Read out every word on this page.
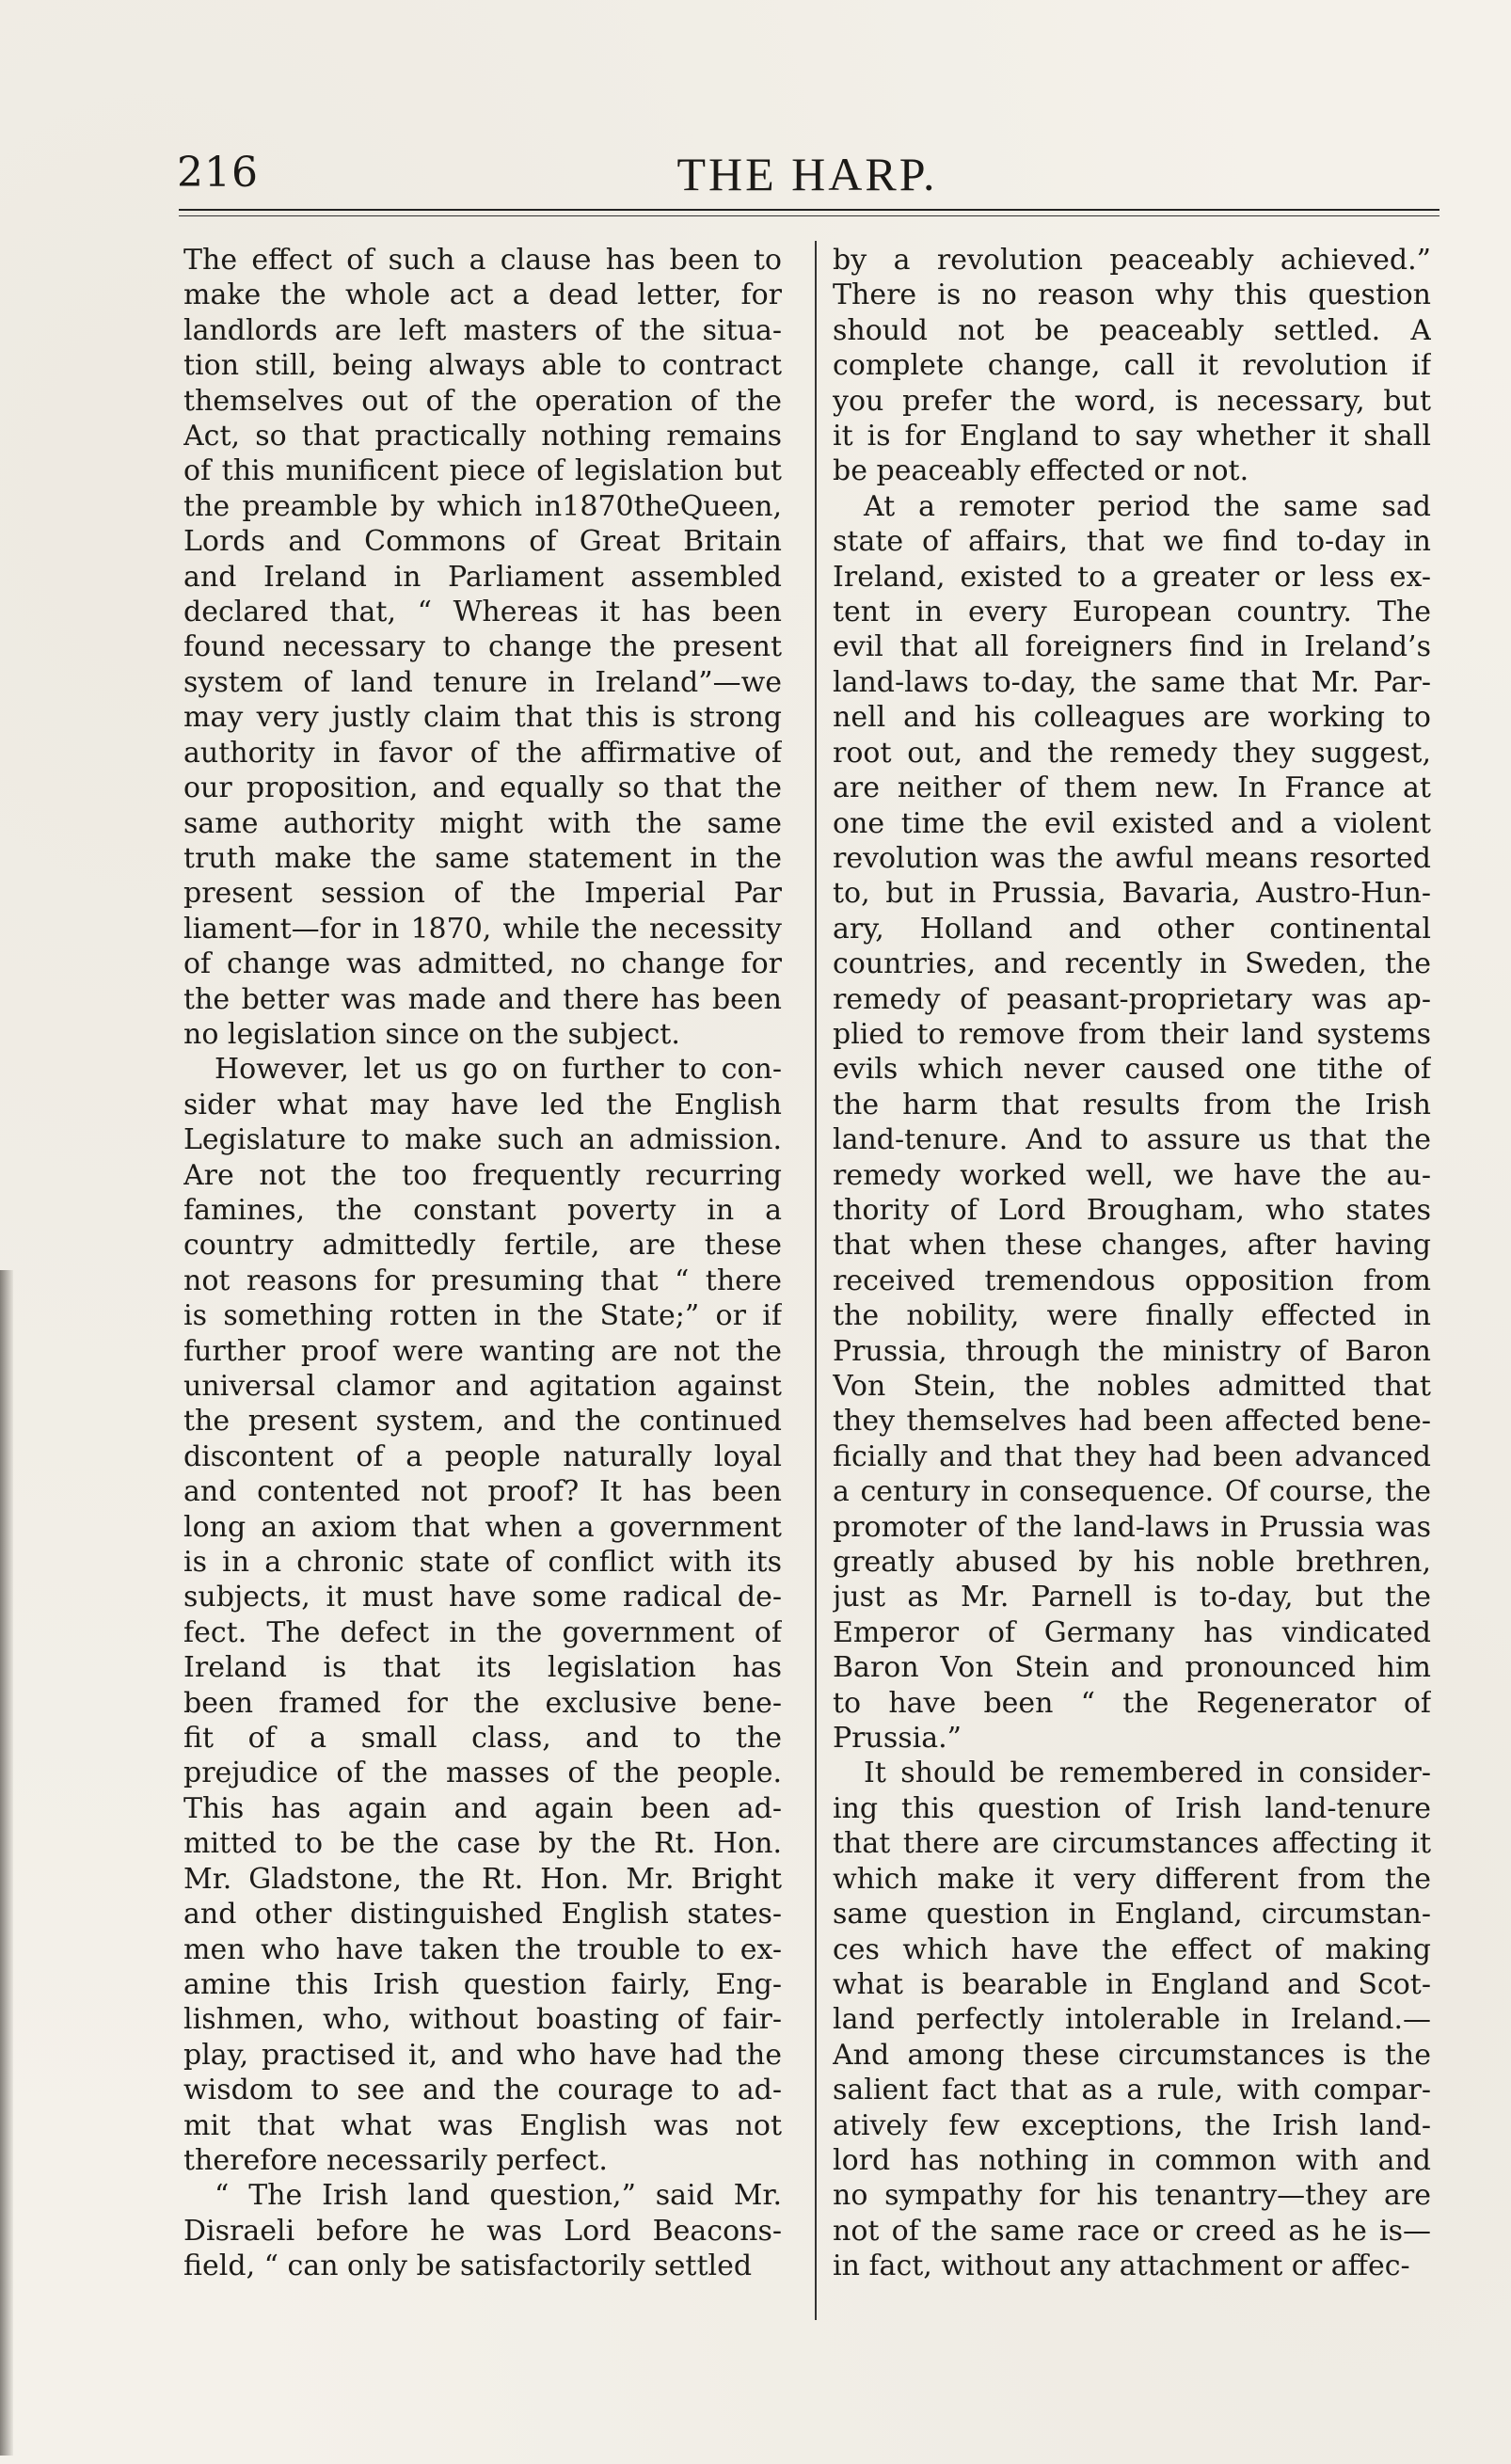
216	THE HARP.
The effect of such a clause has been to
make the whole act a dead letter, for
landlords are left masters of the situa-
tion still, being always able to contract
themselves out of the operation of the
Act, so that practically nothing remains
of this munificent piece of legislation but
the preamble by which in1870theQueen,
Lords and Commons of Great Britain
and Ireland in Parliament assembled
declared that, “ Whereas it has been
found necessary to change the present
system of land tenure in Ireland”—we
may very justly claim that this is strong
authority in favor of the affirmative of
our proposition, and equally so that the
same authority might with the same
truth make the same statement in the
present session of the Imperial Par
liament—for in 1870, while the necessity
of change was admitted, no change for
the better was made and there has been
no legislation since on the subject.
However, let us go on further to con-
sider what may have led the English
Legislature to make such an admission.
Are not the too frequently recurring
famines, the constant poverty in a
country admittedly fertile, are these
not reasons for presuming that “ there
is something rotten in the State;” or if
further proof were wanting are not the
universal clamor and agitation against
the present system, and the continued
discontent of a people naturally loyal
and contented not proof? It has been
long an axiom that when a government
is in a chronic state of conflict with its
subjects, it must have some radical de-
fect. The defect in the government of
Ireland is that its legislation has
been framed for the exclusive bene-
fit of a small class, and to the
prejudice of the masses of the people.
This has again and again been ad-
mitted to be the case by the Rt. Hon.
Mr. Gladstone, the Rt. Hon. Mr. Bright
and other distinguished English states-
men who have taken the trouble to ex-
amine this Irish question fairly, Eng-
lishmen, who, without boasting of fair-
play, practised it, and who have had the
wisdom to see and the courage to ad-
mit that what was English was not
therefore necessarily perfect.
“ The Irish land question,” said Mr.
Disraeli before he was Lord Beacons-
field, “ can only be satisfactorily settled
by a revolution peaceably achieved.”
There is no reason why this question
should not be peaceably settled. A
complete change, call it revolution if
you prefer the word, is necessary, but
it is for England to say whether it shall
be peaceably effected or not.
At a remoter period the same sad
state of affairs, that we find to-day in
Ireland, existed to a greater or less ex-
tent in every European country. The
evil that all foreigners find in Ireland’s
land-laws to-day, the same that Mr. Par-
nell and his colleagues are working to
root out, and the remedy they suggest,
are neither of them new. In France at
one time the evil existed and a violent
revolution was the awful means resorted
to, but in Prussia, Bavaria, Austro-Hun-
ary, Holland and other continental
countries, and recently in Sweden, the
remedy of peasant-proprietary was ap-
plied to remove from their land systems
evils which never caused one tithe of
the harm that results from the Irish
land-tenure. And to assure us that the
remedy worked well, we have the au-
thority of Lord Brougham, who states
that when these changes, after having
received tremendous opposition from
the nobility, were finally effected in
Prussia, through the ministry of Baron
Von Stein, the nobles admitted that
they themselves had been affected bene-
ficially and that they had been advanced
a century in consequence. Of course, the
promoter of the land-laws in Prussia was
greatly abused by his noble brethren,
just as Mr. Parnell is to-day, but the
Emperor of Germany has vindicated
Baron Von Stein and pronounced him
to have been “ the Regenerator of
Prussia.”
It should be remembered in consider-
ing this question of Irish land-tenure
that there are circumstances affecting it
which make it very different from the
same question in England, circumstan-
ces which have the effect of making
what is bearable in England and Scot-
land perfectly intolerable in Ireland.—
And among these circumstances is the
salient fact that as a rule, with compar-
atively few exceptions, the Irish land-
lord has nothing in common with and
no sympathy for his tenantry—they are
not of the same race or creed as he is—
in fact, without any attachment or affec-
